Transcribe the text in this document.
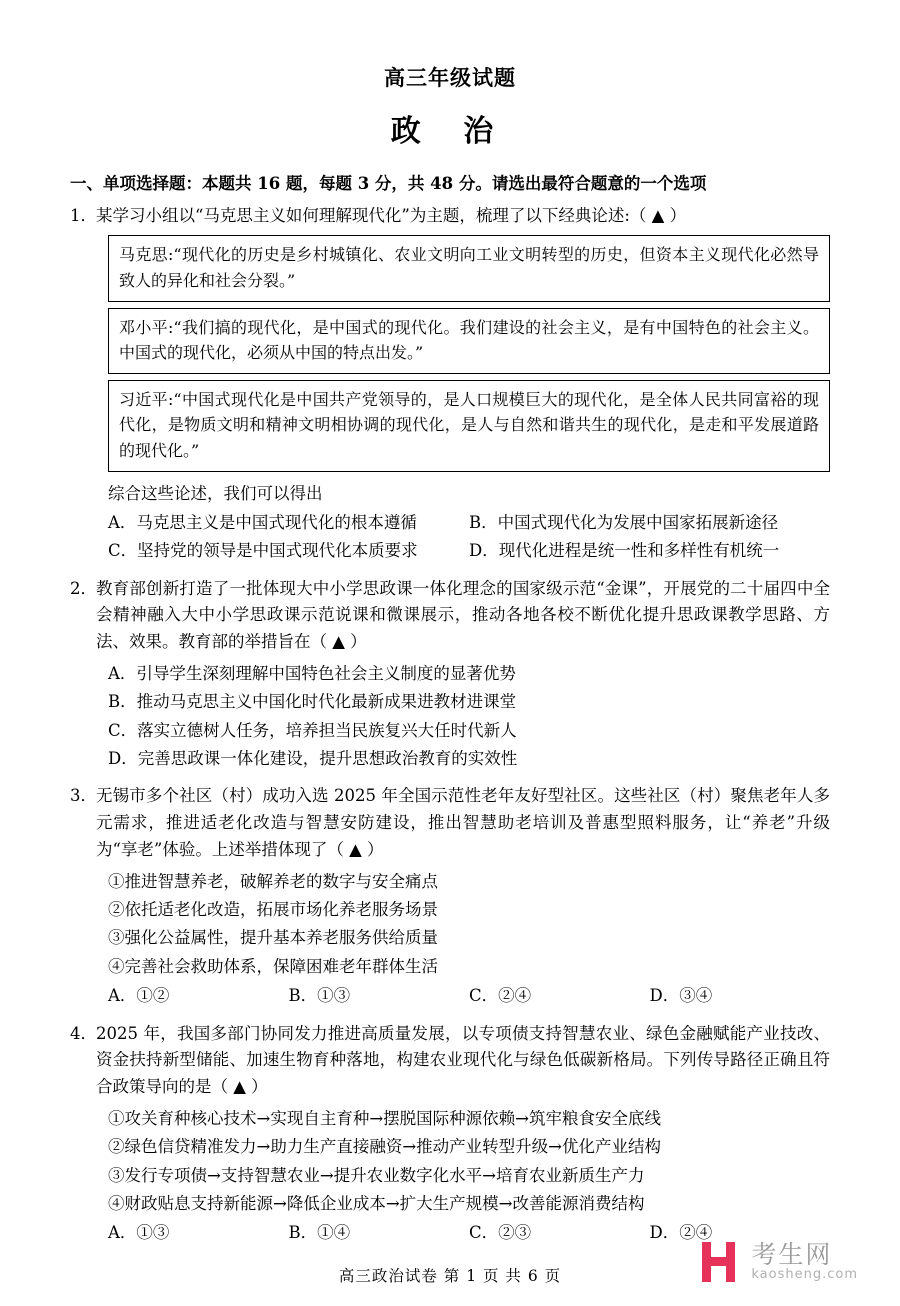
高三年级试题
政 治
一、单项选择题：本题共 16 题，每题 3 分，共 48 分。请选出最符合题意的一个选项
1． 某学习小组以“马克思主义如何理解现代化”为主题，梳理了以下经典论述:（ ▲ ）
马克思:“现代化的历史是乡村城镇化、农业文明向工业文明转型的历史，但资本主义现代化必然导致人的异化和社会分裂。”
邓小平:“我们搞的现代化，是中国式的现代化。我们建设的社会主义，是有中国特色的社会主义。中国式的现代化，必须从中国的特点出发。”
习近平:“中国式现代化是中国共产党领导的，是人口规模巨大的现代化，是全体人民共同富裕的现代化，是物质文明和精神文明相协调的现代化，是人与自然和谐共生的现代化，是走和平发展道路的现代化。”
综合这些论述，我们可以得出
A．马克思主义是中国式现代化的根本遵循	B．中国式现代化为发展中国家拓展新途径
C．坚持党的领导是中国式现代化本质要求	D．现代化进程是统一性和多样性有机统一
2． 教育部创新打造了一批体现大中小学思政课一体化理念的国家级示范“金课”，开展党的二十届四中全会精神融入大中小学思政课示范说课和微课展示，推动各地各校不断优化提升思政课教学思路、方法、效果。教育部的举措旨在（ ▲ ）
A．引导学生深刻理解中国特色社会主义制度的显著优势
B．推动马克思主义中国化时代化最新成果进教材进课堂
C．落实立德树人任务，培养担当民族复兴大任时代新人
D．完善思政课一体化建设，提升思想政治教育的实效性
3． 无锡市多个社区（村）成功入选 2025 年全国示范性老年友好型社区。这些社区（村）聚焦老年人多元需求，推进适老化改造与智慧安防建设，推出智慧助老培训及普惠型照料服务，让“养老”升级为“享老”体验。上述举措体现了（ ▲ ）
①推进智慧养老，破解养老的数字与安全痛点
②依托适老化改造，拓展市场化养老服务场景
③强化公益属性，提升基本养老服务供给质量
④完善社会救助体系，保障困难老年群体生活
A．①②	B．①③	C．②④	D．③④
4． 2025 年，我国多部门协同发力推进高质量发展，以专项债支持智慧农业、绿色金融赋能产业技改、资金扶持新型储能、加速生物育种落地，构建农业现代化与绿色低碳新格局。下列传导路径正确且符合政策导向的是（ ▲ ）
①攻关育种核心技术→实现自主育种→摆脱国际种源依赖→筑牢粮食安全底线
②绿色信贷精准发力→助力生产直接融资→推动产业转型升级→优化产业结构
③发行专项债→支持智慧农业→提升农业数字化水平→培育农业新质生产力
④财政贴息支持新能源→降低企业成本→扩大生产规模→改善能源消费结构
A．①③	B．①④	C．②③	D．②④
高三政治试卷 第 1 页 共 6 页
考生网
kaosheng.com
